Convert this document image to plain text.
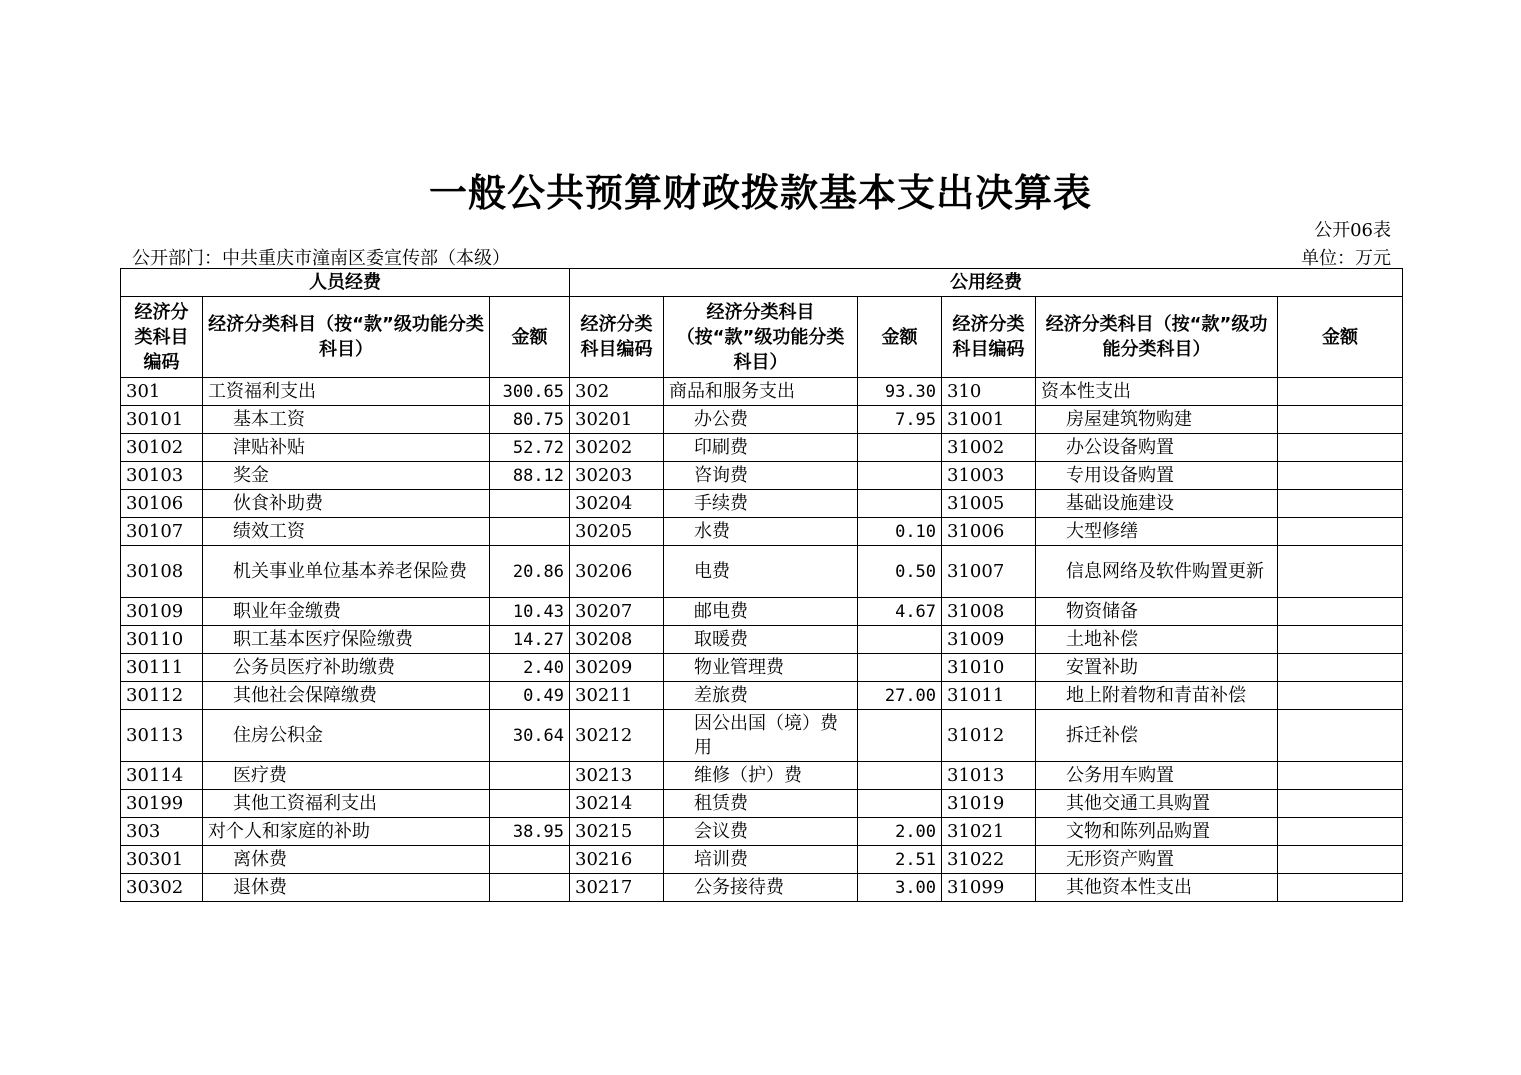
一般公共预算财政拨款基本支出决算表
公开06表
公开部门：中共重庆市潼南区委宣传部（本级）	单位：万元
人员经费			公用经费					
经济分类科目编码	经济分类科目（按“款”级功能分类科目）	金额	经济分类科目编码	经济分类科目（按“款”级功能分类科目）	金额	经济分类科目编码	经济分类科目（按“款”级功能分类科目）	金额
301	工资福利支出	300.65	302	商品和服务支出	93.30	310	资本性支出	
30101	基本工资	80.75	30201	办公费	7.95	31001	房屋建筑物购建	
30102	津贴补贴	52.72	30202	印刷费		31002	办公设备购置	
30103	奖金	88.12	30203	咨询费		31003	专用设备购置	
30106	伙食补助费		30204	手续费		31005	基础设施建设	
30107	绩效工资		30205	水费	0.10	31006	大型修缮	
30108	机关事业单位基本养老保险费	20.86	30206	电费	0.50	31007	信息网络及软件购置更新	
30109	职业年金缴费	10.43	30207	邮电费	4.67	31008	物资储备	
30110	职工基本医疗保险缴费	14.27	30208	取暖费		31009	土地补偿	
30111	公务员医疗补助缴费	2.40	30209	物业管理费		31010	安置补助	
30112	其他社会保障缴费	0.49	30211	差旅费	27.00	31011	地上附着物和青苗补偿	
30113	住房公积金	30.64	30212	因公出国（境）费用		31012	拆迁补偿	
30114	医疗费		30213	维修（护）费		31013	公务用车购置	
30199	其他工资福利支出		30214	租赁费		31019	其他交通工具购置	
303	对个人和家庭的补助	38.95	30215	会议费	2.00	31021	文物和陈列品购置	
30301	离休费		30216	培训费	2.51	31022	无形资产购置	
30302	退休费		30217	公务接待费	3.00	31099	其他资本性支出	
